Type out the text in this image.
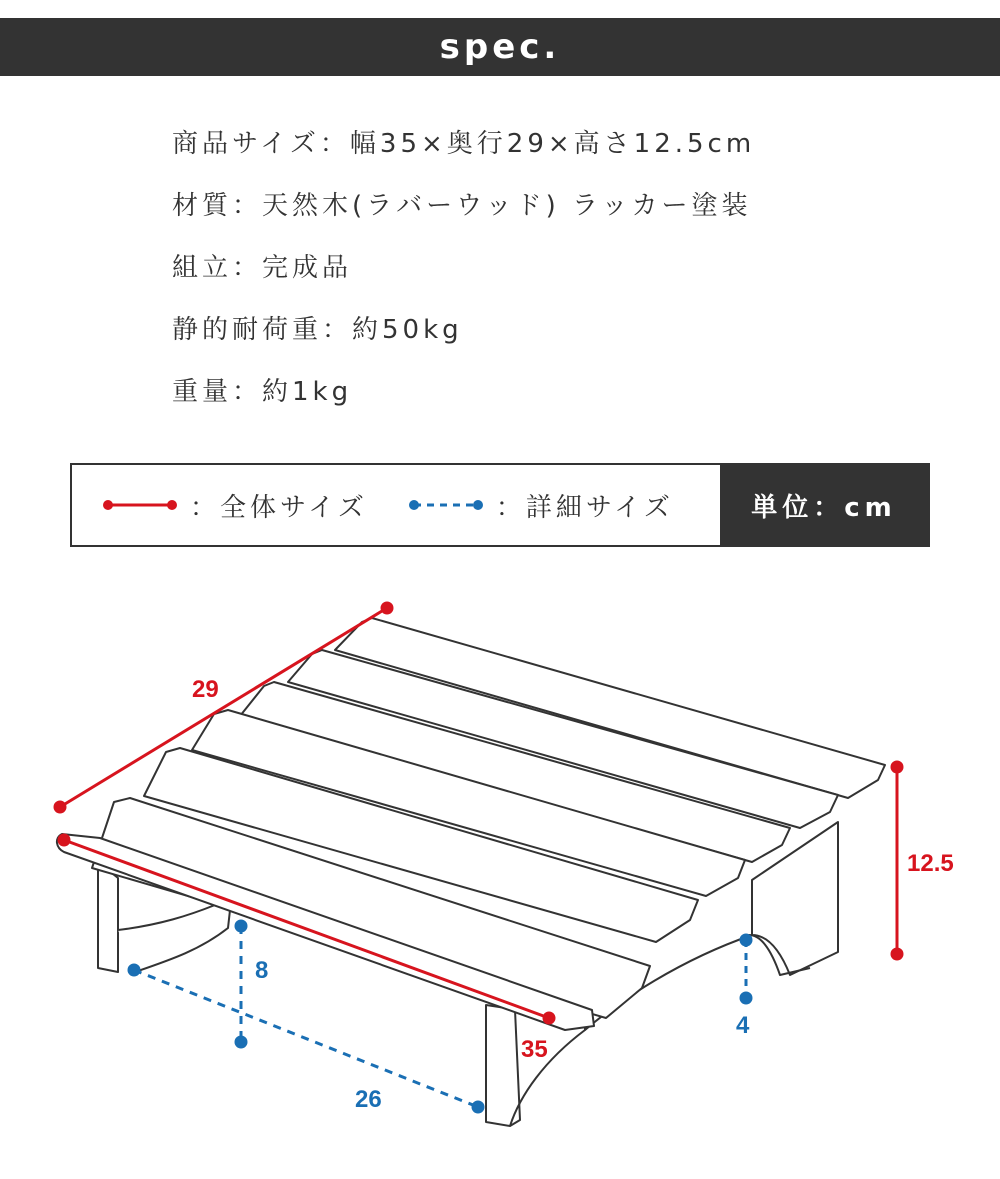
spec.
商品サイズ：幅35×奥行29×高さ12.5cm
材質：天然木(ラバーウッド) ラッカー塗装
組立：完成品
静的耐荷重：約50kg
重量：約1kg
：全体サイズ	：詳細サイズ	単位：cm
29
35
12.5
26
8
4
